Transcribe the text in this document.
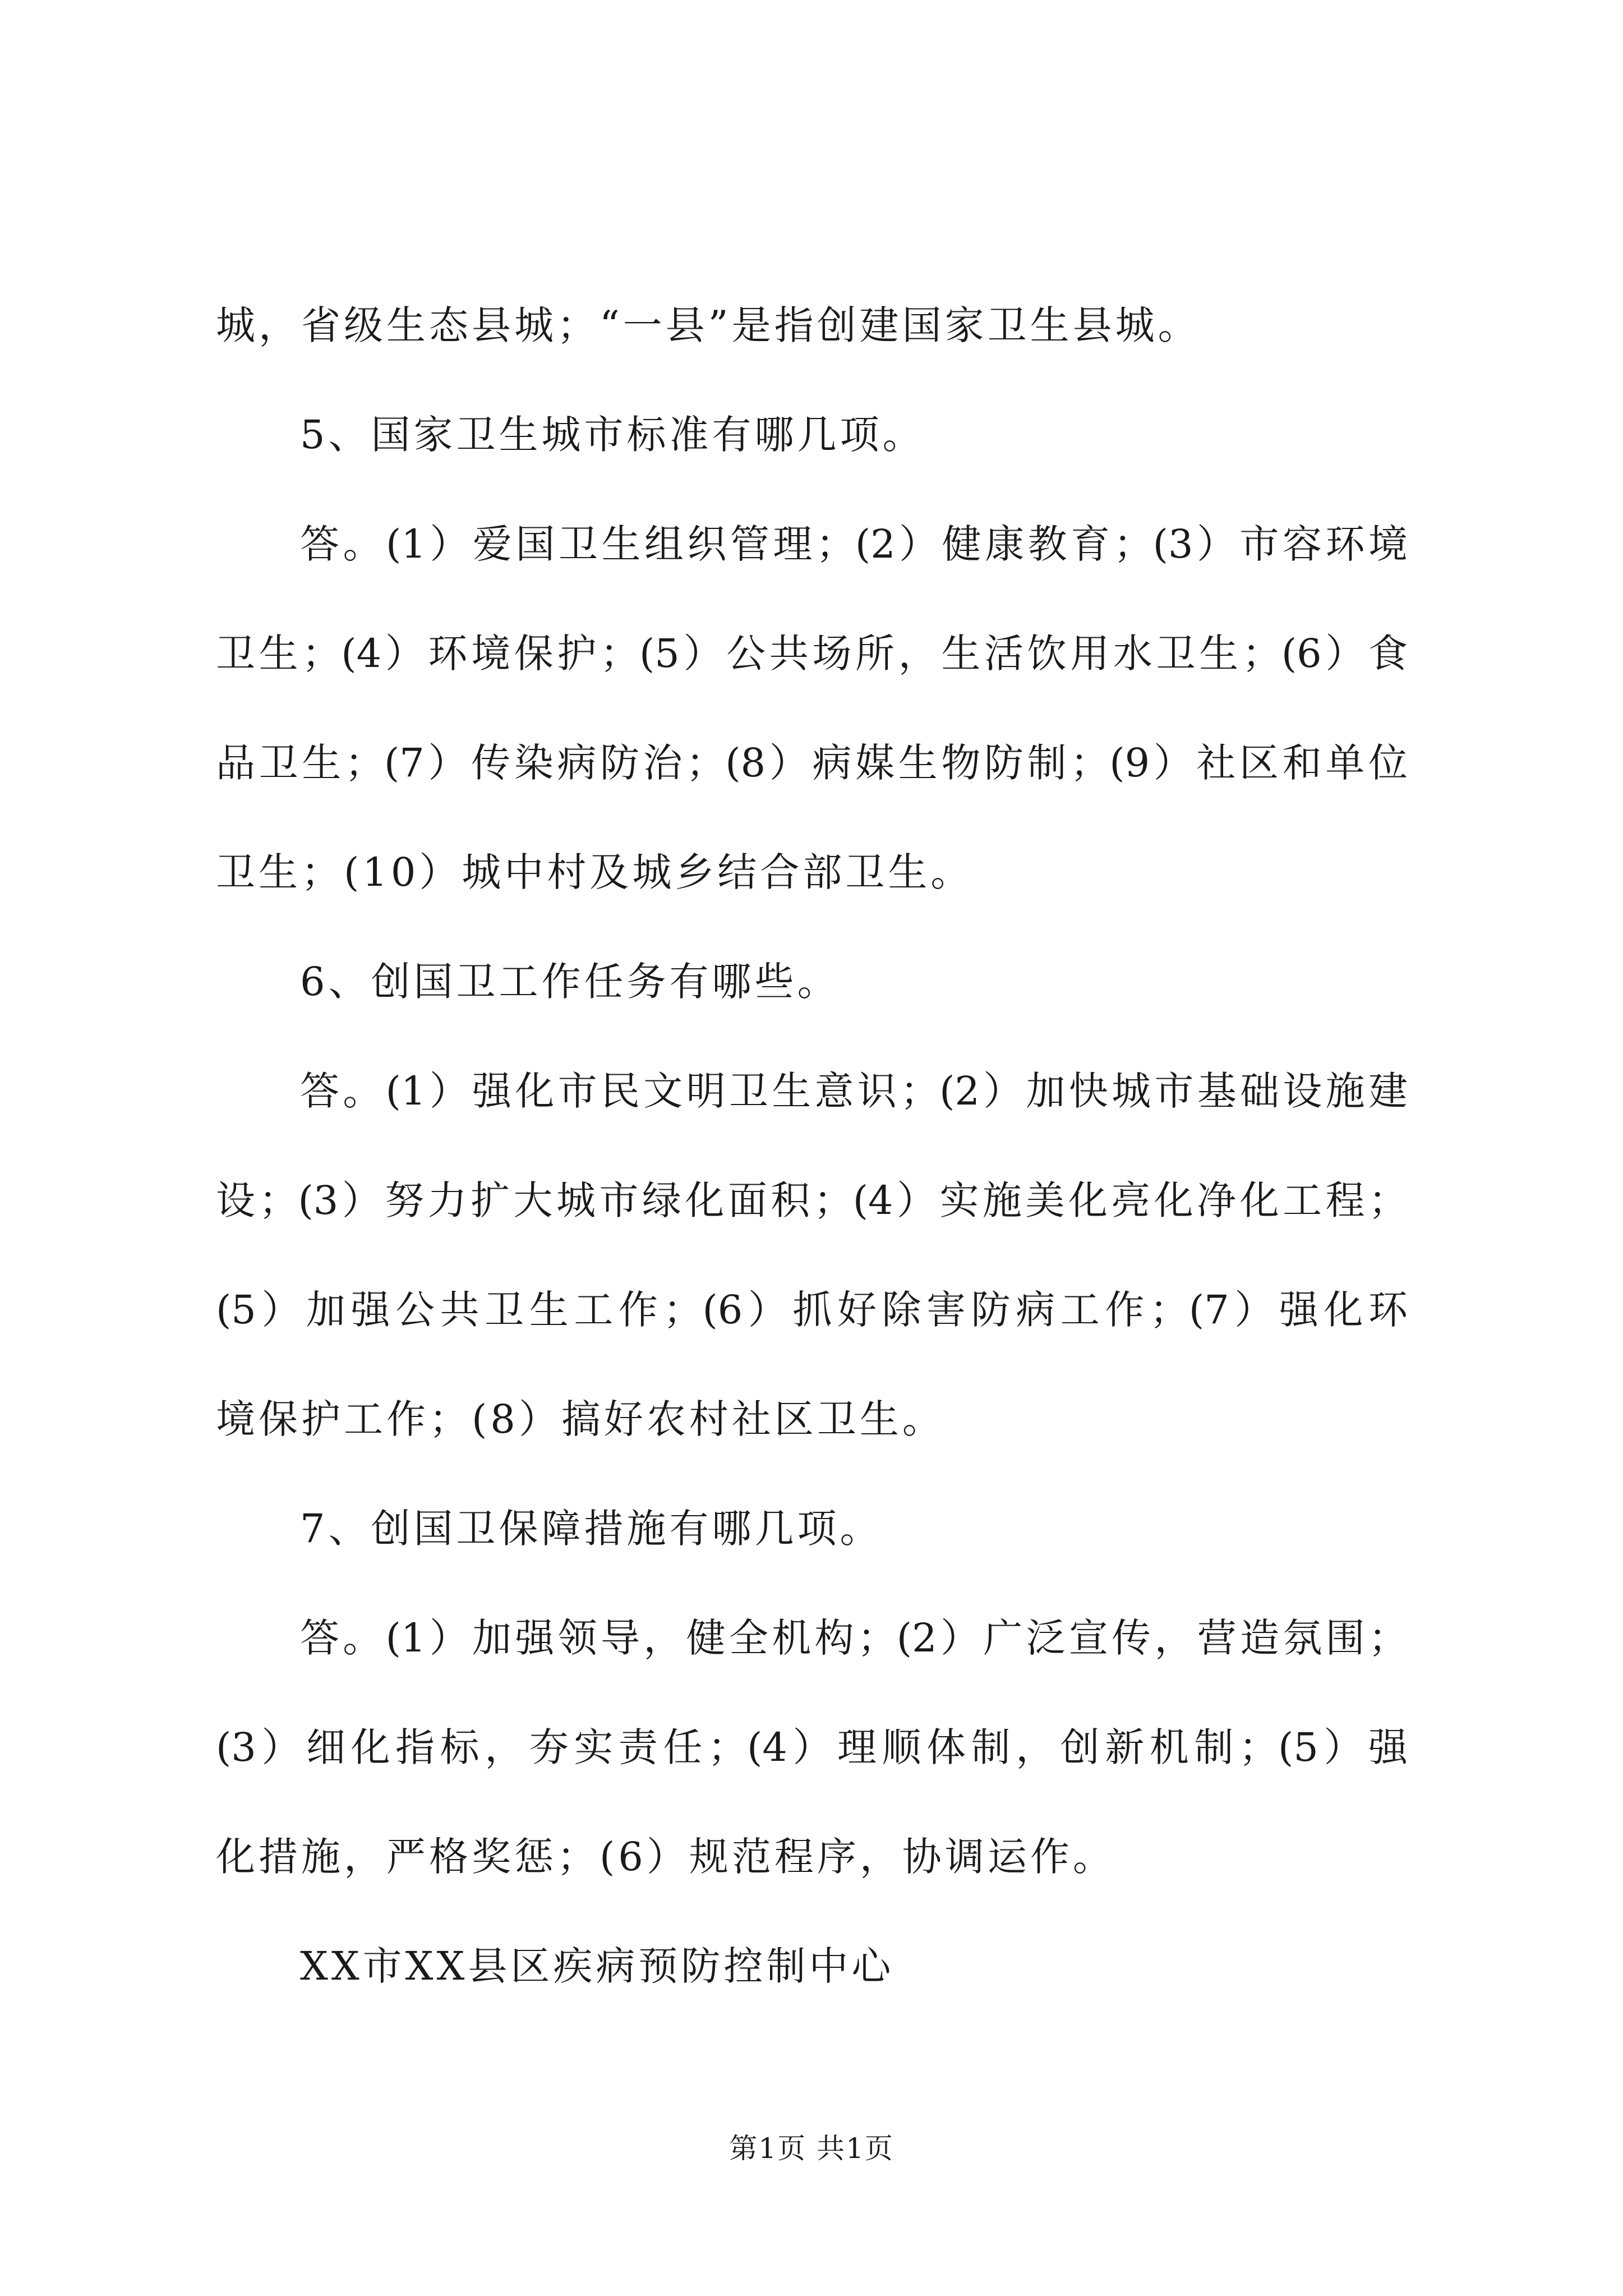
城，省级生态县城；“一县”是指创建国家卫生县城。
5、国家卫生城市标准有哪几项。
答。(1）爱国卫生组织管理；(2）健康教育；(3）市容环境
卫生；(4）环境保护；(5）公共场所，生活饮用水卫生；(6）食
品卫生；(7）传染病防治；(8）病媒生物防制；(9）社区和单位
卫生；(10）城中村及城乡结合部卫生。
6、创国卫工作任务有哪些。
答。(1）强化市民文明卫生意识；(2）加快城市基础设施建
设；(3）努力扩大城市绿化面积；(4）实施美化亮化净化工程；
(5）加强公共卫生工作；(6）抓好除害防病工作；(7）强化环
境保护工作；(8）搞好农村社区卫生。
7、创国卫保障措施有哪几项。
答。(1）加强领导，健全机构；(2）广泛宣传，营造氛围；
(3）细化指标，夯实责任；(4）理顺体制，创新机制；(5）强
化措施，严格奖惩；(6）规范程序，协调运作。
XX市XX县区疾病预防控制中心
第1页 共1页
